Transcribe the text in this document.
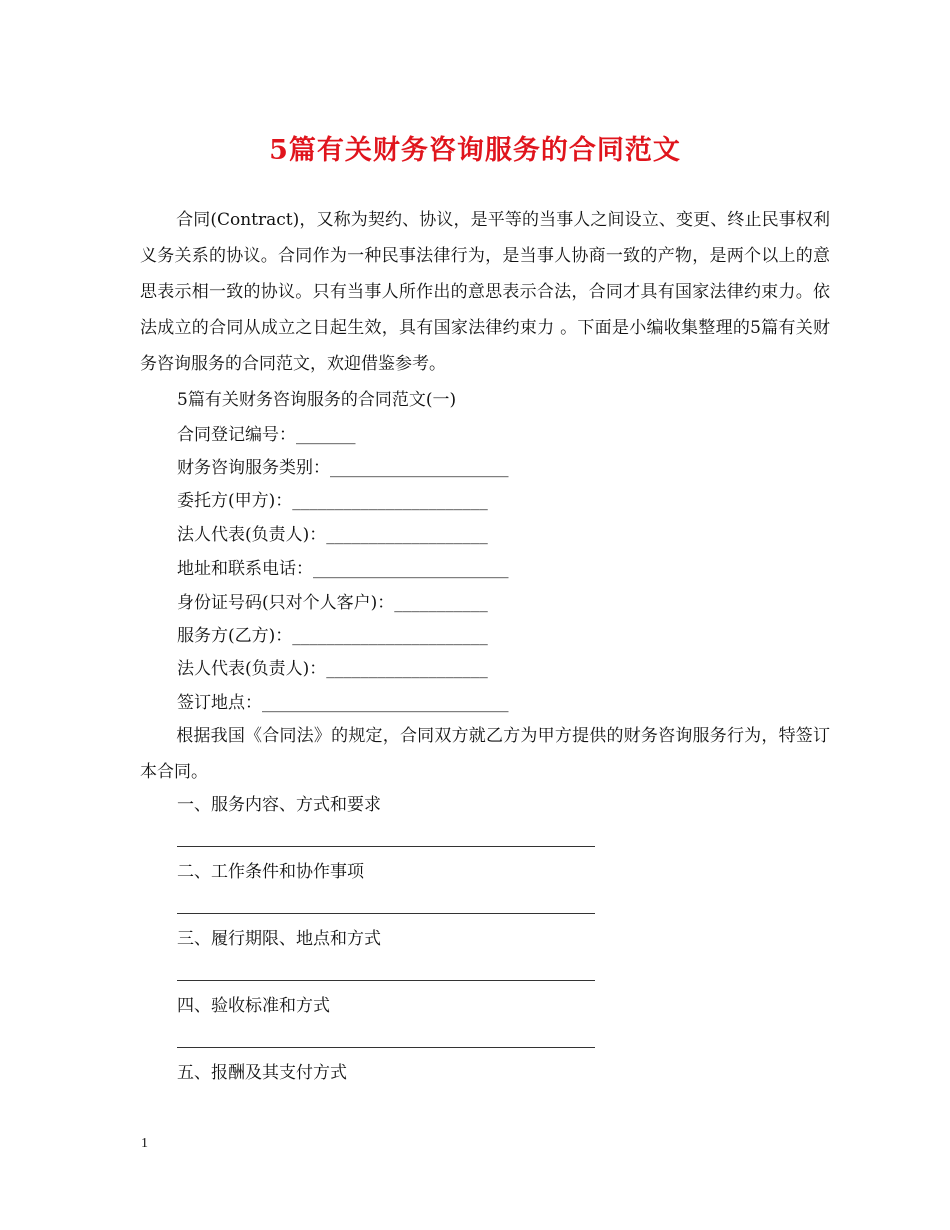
5篇有关财务咨询服务的合同范文
合同(Contract)，又称为契约、协议，是平等的当事人之间设立、变更、终止民事权利义务关系的协议。合同作为一种民事法律行为，是当事人协商一致的产物，是两个以上的意思表示相一致的协议。只有当事人所作出的意思表示合法，合同才具有国家法律约束力。依法成立的合同从成立之日起生效，具有国家法律约束力 。下面是小编收集整理的5篇有关财务咨询服务的合同范文，欢迎借鉴参考。
5篇有关财务咨询服务的合同范文(一)
合同登记编号：_______
财务咨询服务类别：_____________________
委托方(甲方)：_______________________
法人代表(负责人)：___________________
地址和联系电话：_______________________
身份证号码(只对个人客户)：___________
服务方(乙方)：_______________________
法人代表(负责人)：___________________
签订地点：_____________________________
根据我国《合同法》的规定，合同双方就乙方为甲方提供的财务咨询服务行为，特签订本合同。
一、服务内容、方式和要求
二、工作条件和协作事项
三、履行期限、地点和方式
四、验收标准和方式
五、报酬及其支付方式
1
